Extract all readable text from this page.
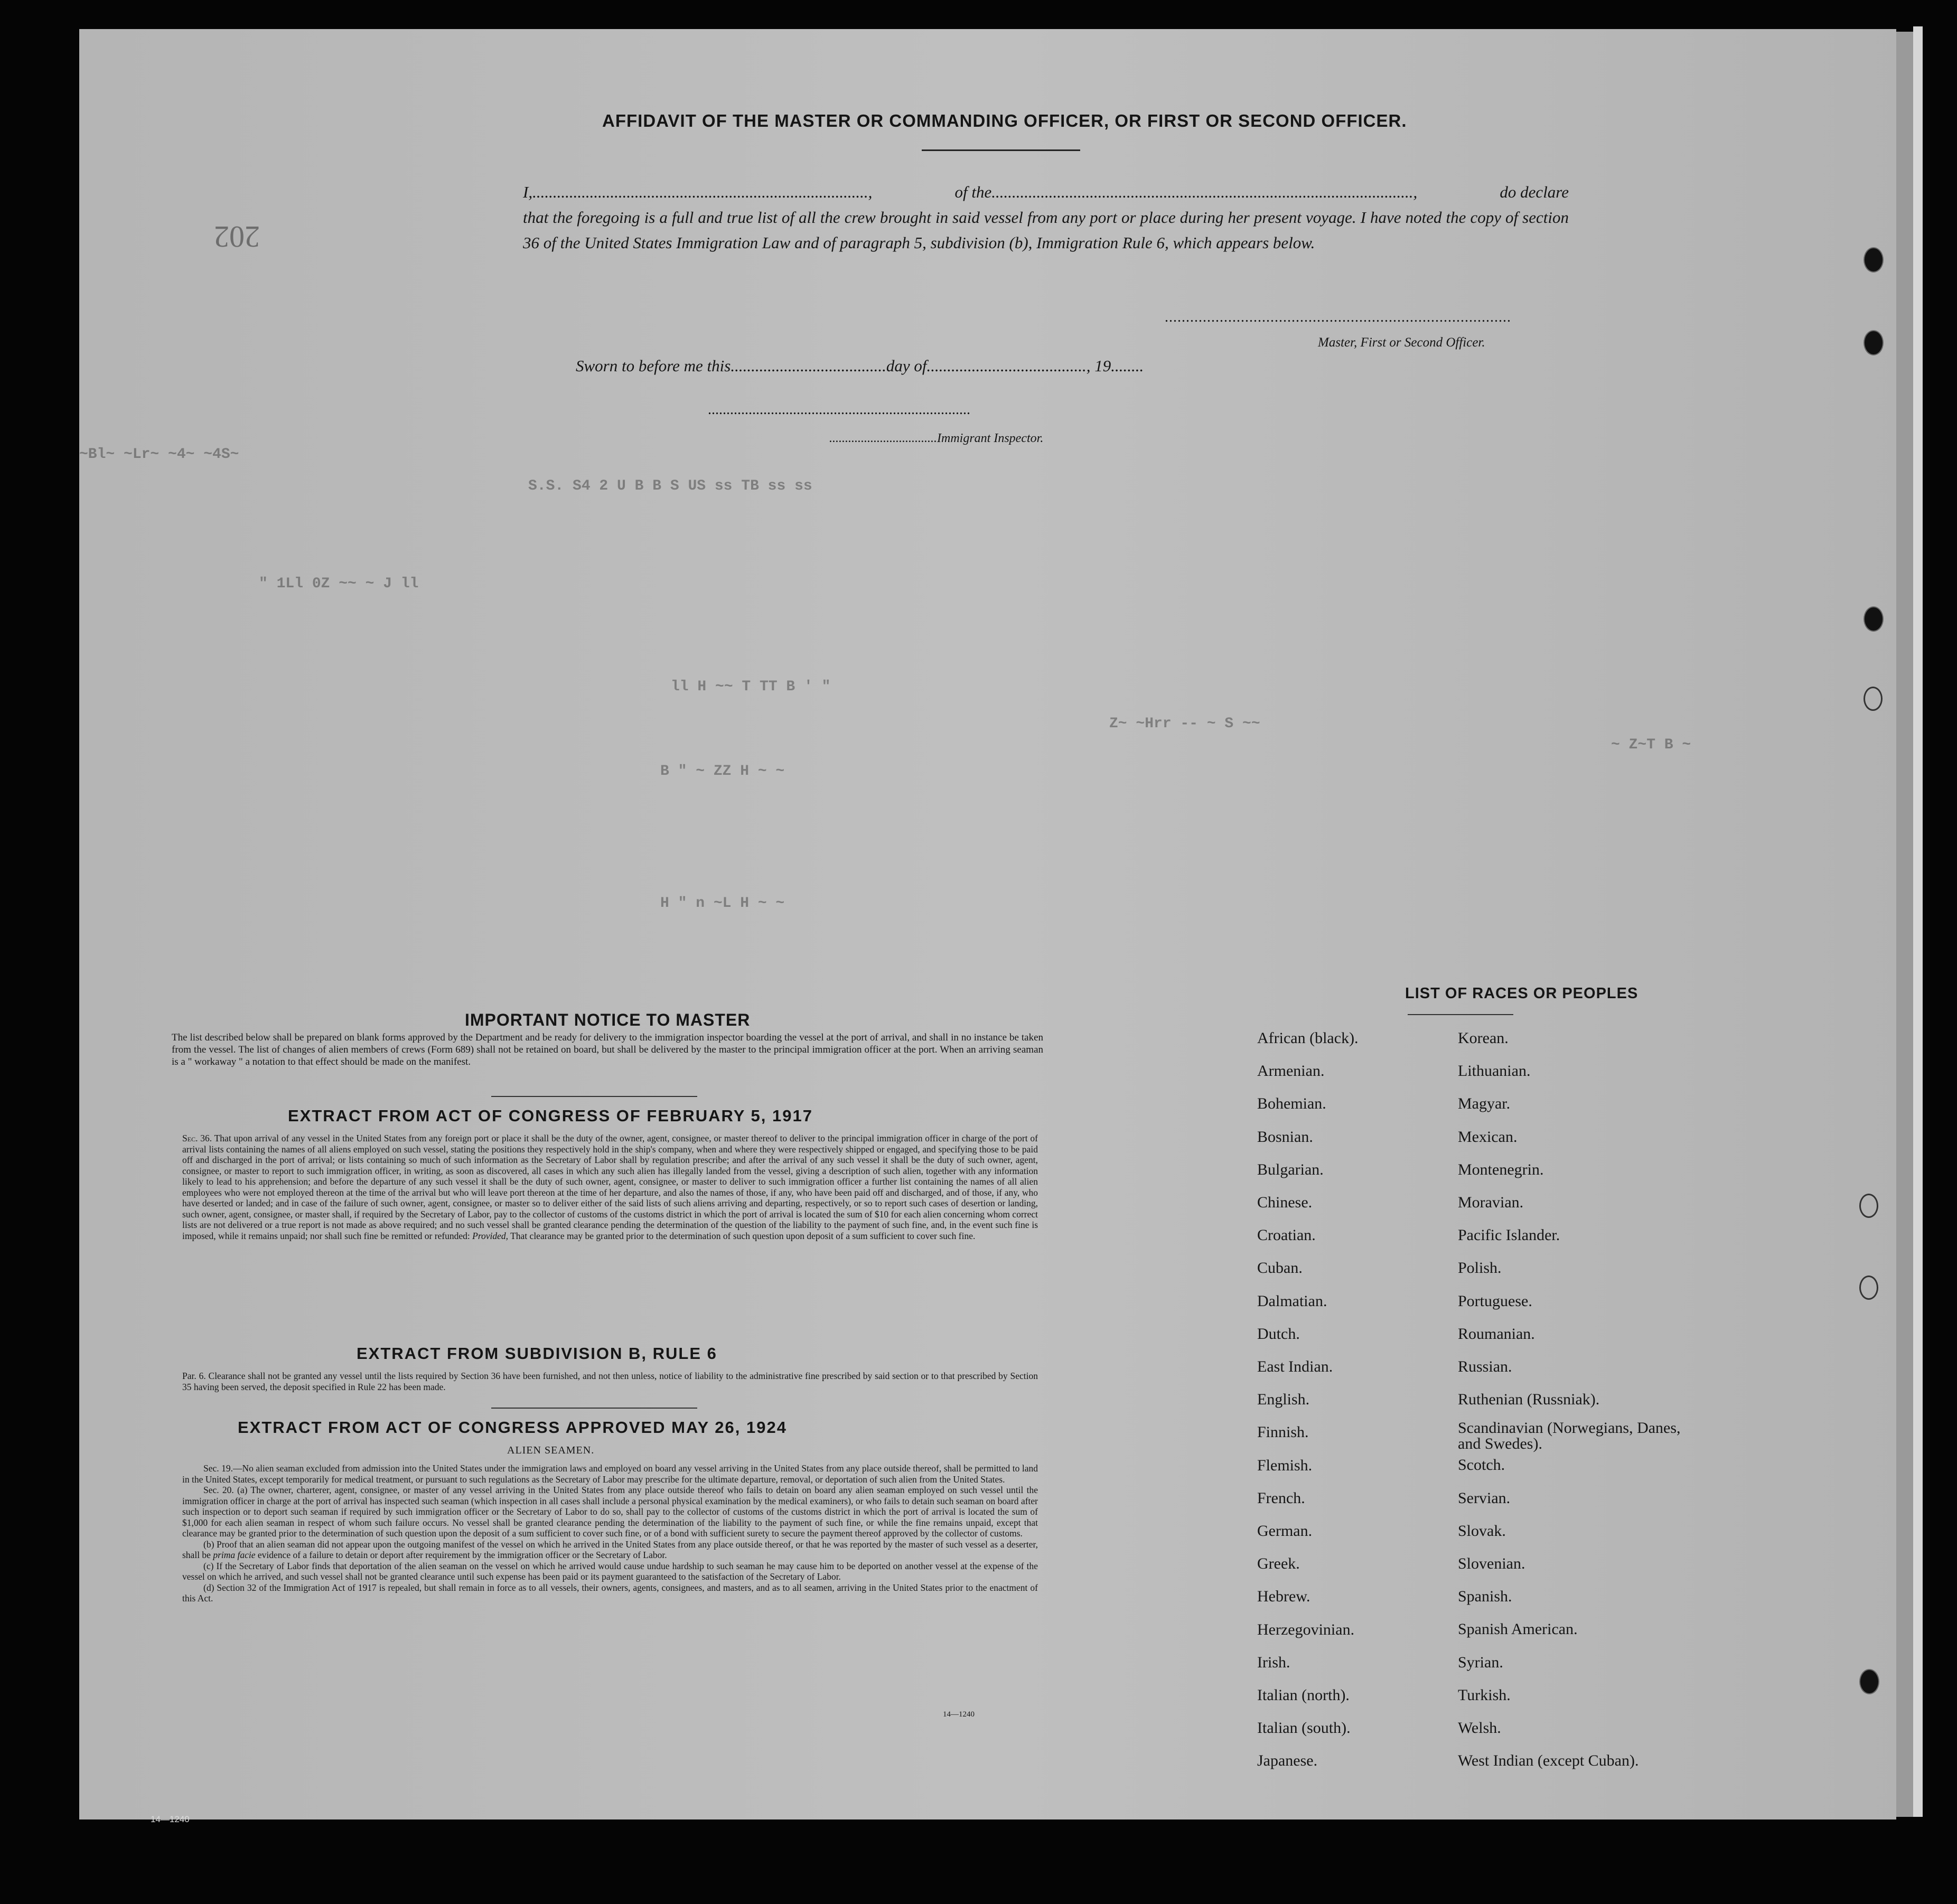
S.S. S4 2 U B B S US ss TB ss ss
~Bl~ ~Lr~ ~4~ ~4S~
" 1Ll 0Z ~~ ~ J ll
ll H ~~ T TT B ' "
B " ~ ZZ H ~ ~
H " n ~L H ~ ~
Z~ ~Hrr -- ~ S ~~
~ Z~T B ~
202
AFFIDAVIT OF THE MASTER OR COMMANDING OFFICER, OR FIRST OR SECOND OFFICER.
I,..................................................................................,	of the.......................................................................................................,	do declare
that the foregoing is a full and true list of all the crew brought in said vessel from any port or place during her present voyage. I have noted the copy of section 36 of the United States Immigration Law and of paragraph 5, subdivision (b), Immigration Rule 6, which appears below.
..................................................................................
Master, First or Second Officer.
Sworn to before me this......................................day of......................................., 19........
.......................................................................
..................................Immigrant Inspector.
IMPORTANT NOTICE TO MASTER
The list described below shall be prepared on blank forms approved by the Department and be ready for delivery to the immigration inspector boarding the vessel at the port of arrival, and shall in no instance be taken from the vessel. The list of changes of alien members of crews (Form 689) shall not be retained on board, but shall be delivered by the master to the principal immigration officer at the port. When an arriving seaman is a " workaway " a notation to that effect should be made on the manifest.
EXTRACT FROM ACT OF CONGRESS OF FEBRUARY 5, 1917
Sec. 36. That upon arrival of any vessel in the United States from any foreign port or place it shall be the duty of the owner, agent, consignee, or master thereof to deliver to the principal immigration officer in charge of the port of arrival lists containing the names of all aliens employed on such vessel, stating the positions they respectively hold in the ship's company, when and where they were respectively shipped or engaged, and specifying those to be paid off and discharged in the port of arrival; or lists containing so much of such information as the Secretary of Labor shall by regulation prescribe; and after the arrival of any such vessel it shall be the duty of such owner, agent, consignee, or master to report to such immigration officer, in writing, as soon as discovered, all cases in which any such alien has illegally landed from the vessel, giving a description of such alien, together with any information likely to lead to his apprehension; and before the departure of any such vessel it shall be the duty of such owner, agent, consignee, or master to deliver to such immigration officer a further list containing the names of all alien employees who were not employed thereon at the time of the arrival but who will leave port thereon at the time of her departure, and also the names of those, if any, who have been paid off and discharged, and of those, if any, who have deserted or landed; and in case of the failure of such owner, agent, consignee, or master so to deliver either of the said lists of such aliens arriving and departing, respectively, or so to report such cases of desertion or landing, such owner, agent, consignee, or master shall, if required by the Secretary of Labor, pay to the collector of customs of the customs district in which the port of arrival is located the sum of $10 for each alien concerning whom correct lists are not delivered or a true report is not made as above required; and no such vessel shall be granted clearance pending the determination of the question of the liability to the payment of such fine, and, in the event such fine is imposed, while it remains unpaid; nor shall such fine be remitted or refunded: Provided, That clearance may be granted prior to the determination of such question upon deposit of a sum sufficient to cover such fine.
EXTRACT FROM SUBDIVISION B, RULE 6
Par. 6. Clearance shall not be granted any vessel until the lists required by Section 36 have been furnished, and not then unless, notice of liability to the administrative fine prescribed by said section or to that prescribed by Section 35 having been served, the deposit specified in Rule 22 has been made.
EXTRACT FROM ACT OF CONGRESS APPROVED MAY 26, 1924
ALIEN SEAMEN.
Sec. 19.—No alien seaman excluded from admission into the United States under the immigration laws and employed on board any vessel arriving in the United States from any place outside thereof, shall be permitted to land in the United States, except temporarily for medical treatment, or pursuant to such regulations as the Secretary of Labor may prescribe for the ultimate departure, removal, or deportation of such alien from the United States.
Sec. 20. (a) The owner, charterer, agent, consignee, or master of any vessel arriving in the United States from any place outside thereof who fails to detain on board any alien seaman employed on such vessel until the immigration officer in charge at the port of arrival has inspected such seaman (which inspection in all cases shall include a personal physical examination by the medical examiners), or who fails to detain such seaman on board after such inspection or to deport such seaman if required by such immigration officer or the Secretary of Labor to do so, shall pay to the collector of customs of the customs district in which the port of arrival is located the sum of $1,000 for each alien seaman in respect of whom such failure occurs. No vessel shall be granted clearance pending the determination of the liability to the payment of such fine, or while the fine remains unpaid, except that clearance may be granted prior to the determination of such question upon the deposit of a sum sufficient to cover such fine, or of a bond with sufficient surety to secure the payment thereof approved by the collector of customs.
(b) Proof that an alien seaman did not appear upon the outgoing manifest of the vessel on which he arrived in the United States from any place outside thereof, or that he was reported by the master of such vessel as a deserter, shall be prima facie evidence of a failure to detain or deport after requirement by the immigration officer or the Secretary of Labor.
(c) If the Secretary of Labor finds that deportation of the alien seaman on the vessel on which he arrived would cause undue hardship to such seaman he may cause him to be deported on another vessel at the expense of the vessel on which he arrived, and such vessel shall not be granted clearance until such expense has been paid or its payment guaranteed to the satisfaction of the Secretary of Labor.
(d) Section 32 of the Immigration Act of 1917 is repealed, but shall remain in force as to all vessels, their owners, agents, consignees, and masters, and as to all seamen, arriving in the United States prior to the enactment of this Act.
14—1240
LIST OF RACES OR PEOPLES
African (black).
Armenian.
Bohemian.
Bosnian.
Bulgarian.
Chinese.
Croatian.
Cuban.
Dalmatian.
Dutch.
East Indian.
English.
Finnish.
Flemish.
French.
German.
Greek.
Hebrew.
Herzegovinian.
Irish.
Italian (north).
Italian (south).
Japanese.
Korean.
Lithuanian.
Magyar.
Mexican.
Montenegrin.
Moravian.
Pacific Islander.
Polish.
Portuguese.
Roumanian.
Russian.
Ruthenian (Russniak).
Scandinavian (Norwegians, Danes, and Swedes).
Scotch.
Servian.
Slovak.
Slovenian.
Spanish.
Spanish American.
Syrian.
Turkish.
Welsh.
West Indian (except Cuban).
14—1240
